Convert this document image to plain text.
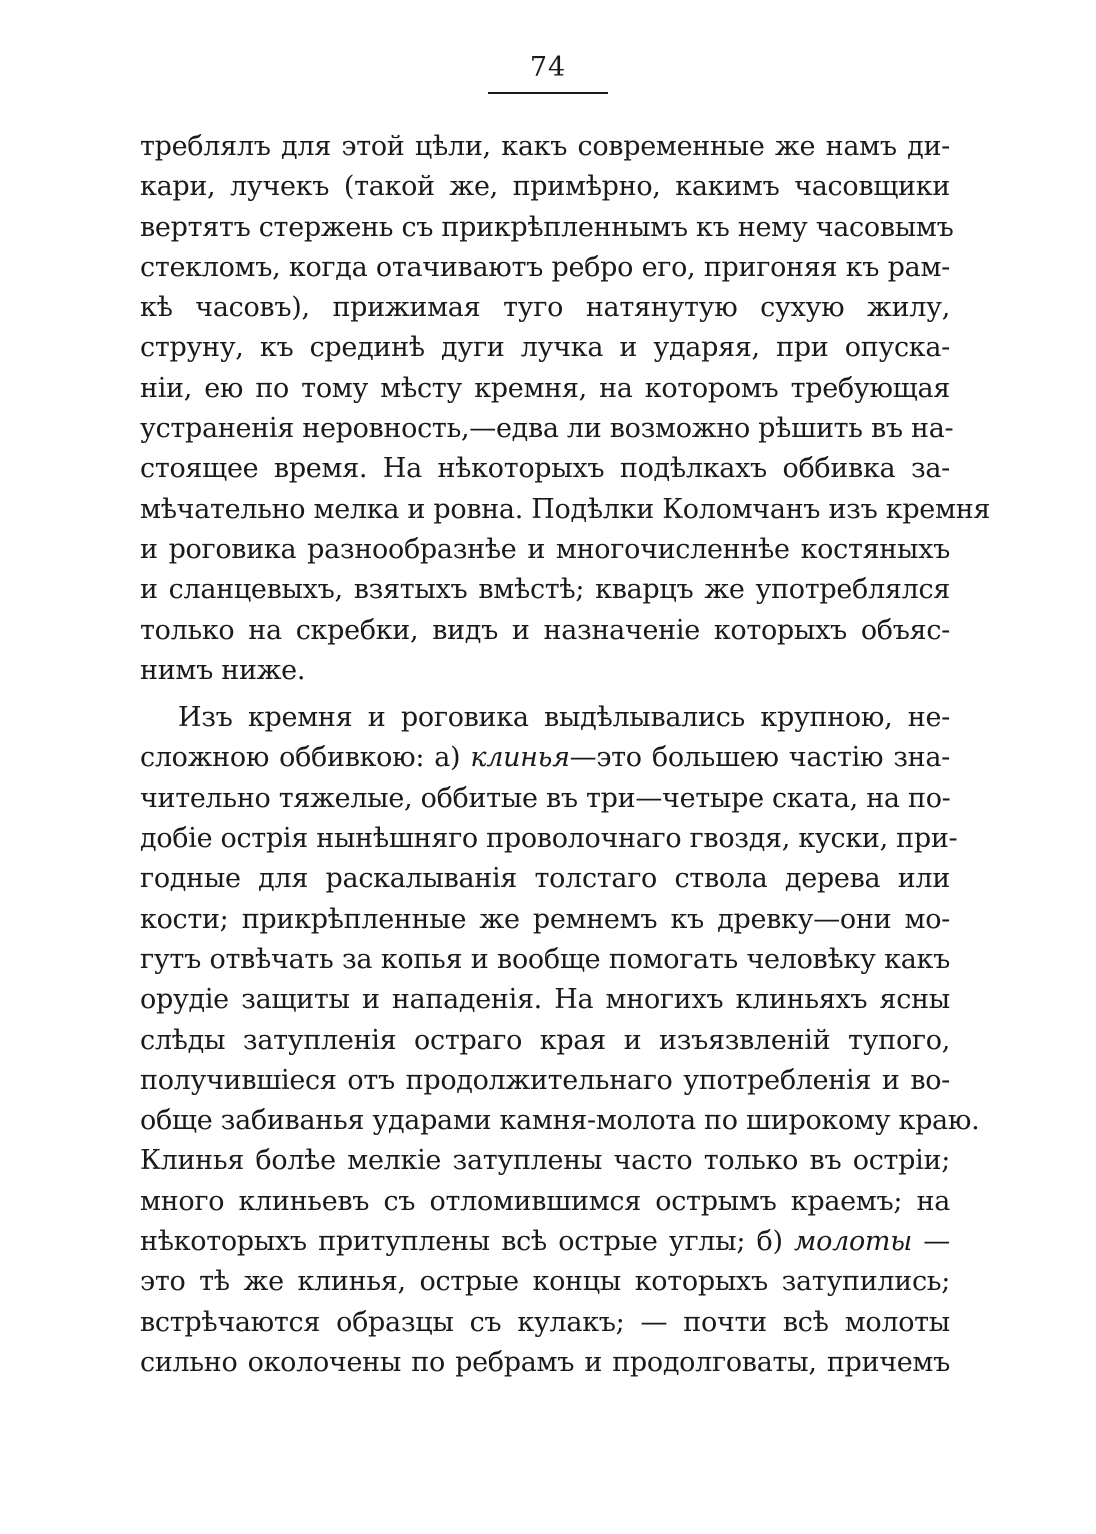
74
треблялъ для этой цѣли, какъ современные же намъ ди-
кари, лучекъ (такой же, примѣрно, какимъ часовщики
вертятъ стержень съ прикрѣпленнымъ къ нему часовымъ
стекломъ, когда отачиваютъ ребро его, пригоняя къ рам-
кѣ часовъ), прижимая туго натянутую сухую жилу,
струну, къ срединѣ дуги лучка и ударяя, при опуска-
нiи, ею по тому мѣсту кремня, на которомъ требующая
устраненiя неровность,—едва ли возможно рѣшить въ на-
стоящее время. На нѣкоторыхъ подѣлкахъ оббивка за-
мѣчательно мелка и ровна. Подѣлки Коломчанъ изъ кремня
и роговика разнообразнѣе и многочисленнѣе костяныхъ
и сланцевыхъ, взятыхъ вмѣстѣ; кварцъ же употреблялся
только на скребки, видъ и назначенiе которыхъ объяс-
нимъ ниже.
Изъ кремня и роговика выдѣлывались крупною, не-
сложною оббивкою: а) клинья—это большею частiю зна-
чительно тяжелые, оббитые въ три—четыре ската, на по-
добiе острiя нынѣшняго проволочнаго гвоздя, куски, при-
годные для раскалыванiя толстаго ствола дерева или
кости; прикрѣпленные же ремнемъ къ древку—они мо-
гутъ отвѣчать за копья и вообще помогать человѣку какъ
орудiе защиты и нападенiя. На многихъ клиньяхъ ясны
слѣды затупленiя остраго края и изъязвленiй тупого,
получившiеся отъ продолжительнаго употребленiя и во-
обще забиванья ударами камня-молота по широкому краю.
Клинья болѣе мелкiе затуплены часто только въ острiи;
много клиньевъ съ отломившимся острымъ краемъ; на
нѣкоторыхъ притуплены всѣ острые углы; б) молоты —
это тѣ же клинья, острые концы которыхъ затупились;
встрѣчаются образцы съ кулакъ; — почти всѣ молоты
сильно околочены по ребрамъ и продолговаты, причемъ
